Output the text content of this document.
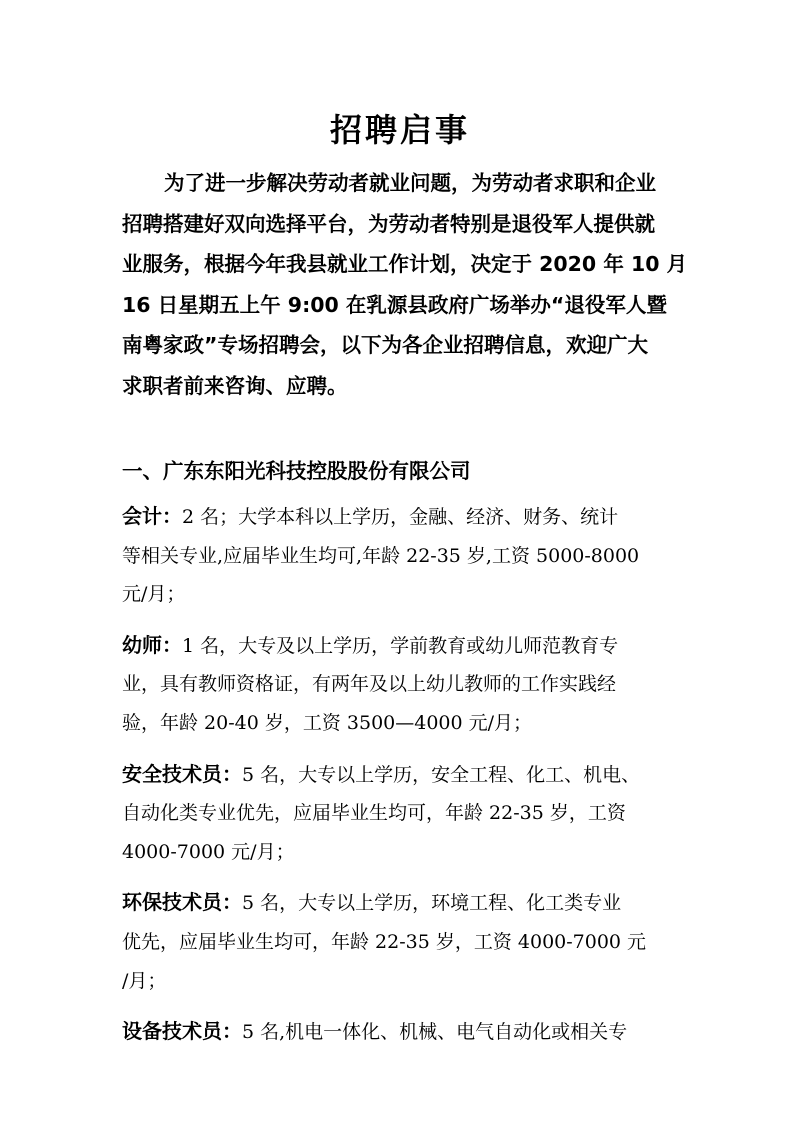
招聘启事

为了进一步解决劳动者就业问题，为劳动者求职和企业
招聘搭建好双向选择平台，为劳动者特别是退役军人提供就
业服务，根据今年我县就业工作计划，决定于 2020 年 10 月
16 日星期五上午 9:00 在乳源县政府广场举办“退役军人暨
南粤家政”专场招聘会，以下为各企业招聘信息，欢迎广大
求职者前来咨询、应聘。

一、广东东阳光科技控股股份有限公司
会计：2 名；大学本科以上学历，金融、经济、财务、统计
等相关专业,应届毕业生均可,年龄 22-35 岁,工资 5000-8000
元/月；
幼师：1 名，大专及以上学历，学前教育或幼儿师范教育专
业，具有教师资格证，有两年及以上幼儿教师的工作实践经
验，年龄 20-40 岁，工资 3500—4000 元/月；
安全技术员：5 名，大专以上学历，安全工程、化工、机电、
自动化类专业优先，应届毕业生均可，年龄 22-35 岁，工资
4000-7000 元/月；
环保技术员：5 名，大专以上学历，环境工程、化工类专业
优先，应届毕业生均可，年龄 22-35 岁，工资 4000-7000 元
/月；
设备技术员：5 名,机电一体化、机械、电气自动化或相关专
